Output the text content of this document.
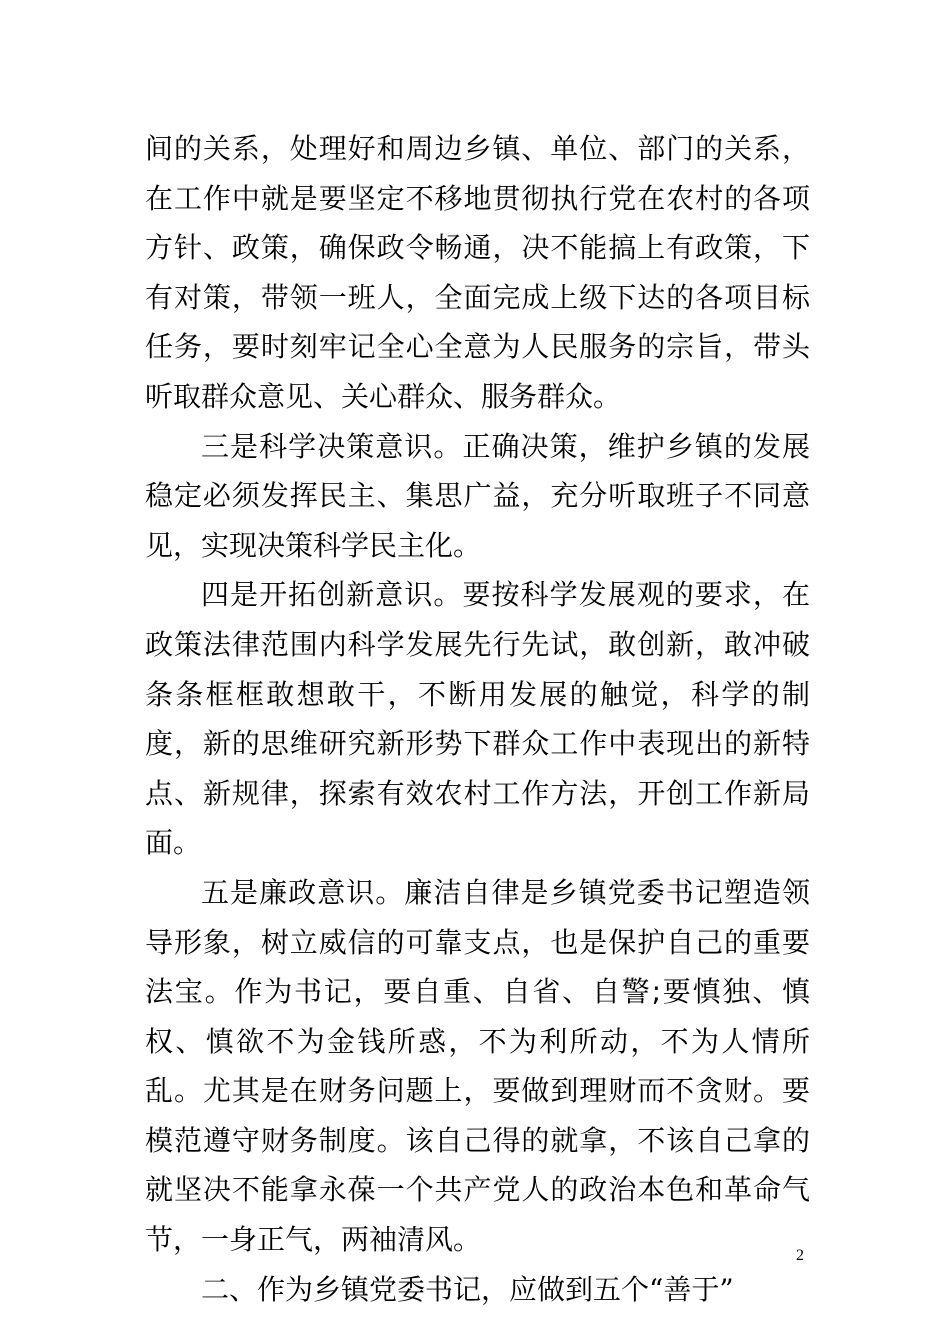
间的关系，处理好和周边乡镇、单位、部门的关系，在工作中就是要坚定不移地贯彻执行党在农村的各项方针、政策，确保政令畅通，决不能搞上有政策，下有对策，带领一班人，全面完成上级下达的各项目标任务，要时刻牢记全心全意为人民服务的宗旨，带头听取群众意见、关心群众、服务群众。

三是科学决策意识。正确决策，维护乡镇的发展稳定必须发挥民主、集思广益，充分听取班子不同意见，实现决策科学民主化。

四是开拓创新意识。要按科学发展观的要求，在政策法律范围内科学发展先行先试，敢创新，敢冲破条条框框敢想敢干，不断用发展的触觉，科学的制度，新的思维研究新形势下群众工作中表现出的新特点、新规律，探索有效农村工作方法，开创工作新局面。

五是廉政意识。廉洁自律是乡镇党委书记塑造领导形象，树立威信的可靠支点，也是保护自己的重要法宝。作为书记，要自重、自省、自警;要慎独、慎权、慎欲不为金钱所惑，不为利所动，不为人情所乱。尤其是在财务问题上，要做到理财而不贪财。要模范遵守财务制度。该自己得的就拿，不该自己拿的就坚决不能拿永葆一个共产党人的政治本色和革命气节，一身正气，两袖清风。

二、作为乡镇党委书记，应做到五个“善于”

2
